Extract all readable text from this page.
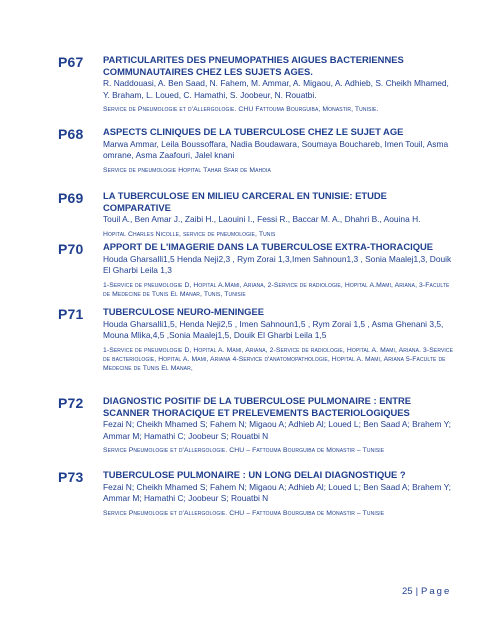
P67 PARTICULARITES DES PNEUMOPATHIES AIGUES BACTERIENNES COMMUNAUTAIRES CHEZ LES SUJETS AGES.
R. Naddouasi, A. Ben Saad, N. Fahem, M. Ammar, A. Migaou, A. Adhieb, S. Cheikh Mhamed, Y. Braham, L. Loued, C. Hamathi, S. Joobeur, N. Rouatbi.
Service de Pneumologie et d'Allergologie. CHU Fattouma Bourguiba, Monastir, Tunisie.
P68 ASPECTS CLINIQUES DE LA TUBERCULOSE CHEZ LE SUJET AGE
Marwa Ammar, Leila Boussoffara, Nadia Boudawara, Soumaya Bouchareb, Imen Touil, Asma omrane, Asma Zaafouri, Jalel knani
Service de pneumologie Hopital Tahar Sfar de Mahdia
P69 LA TUBERCULOSE EN MILIEU CARCERAL EN TUNISIE: ETUDE COMPARATIVE
Touil A., Ben Amar J., Zaibi H., Laouini I., Fessi R., Baccar M. A., Dhahri B., Aouina H.
Hopital Charles Nicolle, service de pneumologie, Tunis
P70 APPORT DE L'IMAGERIE DANS LA TUBERCULOSE EXTRA-THORACIQUE
Houda Gharsalli1,5 Henda Neji2,3 , Rym Zorai 1,3,Imen Sahnoun1,3 , Sonia Maalej1,3, Douik El Gharbi Leila 1,3
1-Service de pneumologie D, Hopital A.Mami, Ariana, 2-Service de radiologie, Hopital A.Mami, Ariana, 3-Faculte de Medecine de Tunis El Manar, Tunis, Tunisie
P71 TUBERCULOSE NEURO-MENINGEE
Houda Gharsalli1,5, Henda Neji2,5 , Imen Sahnoun1,5 , Rym Zorai 1,5 , Asma Ghenani 3,5, Mouna Mlika,4,5 ,Sonia Maalej1,5, Douik El Gharbi Leila 1,5
1-Service de pneumologie D, Hopital A. Mami, Ariana, 2-Service de radiologie, Hopital A. Mami, Ariana. 3-Service de bacteriologie, Hopital A. Mami, Ariana 4-Service d'anatomopathologie, Hopital A. Mami, Ariana 5-Faculte de Medecine de Tunis El Manar,
P72 DIAGNOSTIC POSITIF DE LA TUBERCULOSE PULMONAIRE : ENTRE SCANNER THORACIQUE ET PRELEVEMENTS BACTERIOLOGIQUES
Fezai N; Cheikh Mhamed S; Fahem N; Migaou A; Adhieb Al; Loued L; Ben Saad A; Brahem Y; Ammar M; Hamathi C; Joobeur S; Rouatbi N
Service Pneumologie et d'Allergologie. CHU – Fattouma Bourguiba de Monastir – Tunisie
P73 TUBERCULOSE PULMONAIRE : UN LONG DELAI DIAGNOSTIQUE ?
Fezai N; Cheikh Mhamed S; Fahem N; Migaou A; Adhieb Al; Loued L; Ben Saad A; Brahem Y; Ammar M; Hamathi C; Joobeur S; Rouatbi N
Service Pneumologie et d'Allergologie. CHU – Fattouma Bourguiba de Monastir – Tunisie
25 | Page
